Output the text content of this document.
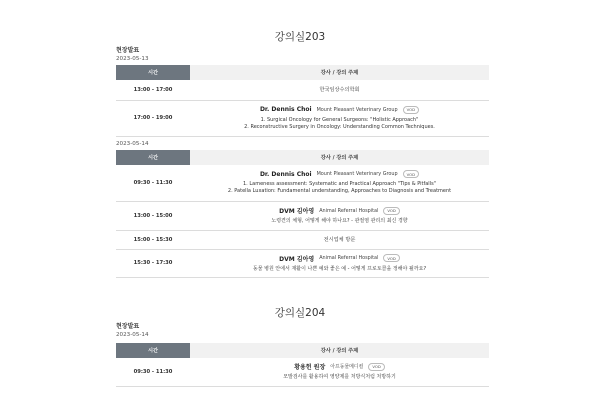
강의실203
현장발표
2023-05-13
시간	강사 / 강의 주제
13:00 - 17:00	한국임상수의학회
17:00 - 19:00	Dr. Dennis Choi Mount Pleasant Veterinary Group VOD
1. Surgical Oncology for General Surgeons: "Holistic Approach"
2. Reconstructive Surgery in Oncology: Understanding Common Techniques.
2023-05-14
시간	강사 / 강의 주제
09:30 - 11:30	Dr. Dennis Choi Mount Pleasant Veterinary Group VOD
1. Lameness assessment: Systematic and Practical Approach "Tips & Pitfalls"
2. Patella Luxation: Fundamental understanding, Approaches to Diagnosis and Treatment

13:00 - 15:00	DVM 김아영 Animal Referral Hospital VOD
노령견의 체형, 어떻게 해야 하나요? - 관절염 관리의 최신 경향

15:00 - 15:30	전시업체 방문
15:30 - 17:30	DVM 김아영 Animal Referral Hospital VOD
동물 병원 안에서 재활이 나쁜 예와 좋은 예 - 어떻게 프로토콜을 정해야 될까요?
강의실204
현장발표
2023-05-14
시간	강사 / 강의 주제
09:30 - 11:30	황용헌 원장 아프동물메디컬 VOD
모발검사를 활용하여 영양제를 처방식처럼 처방하기
